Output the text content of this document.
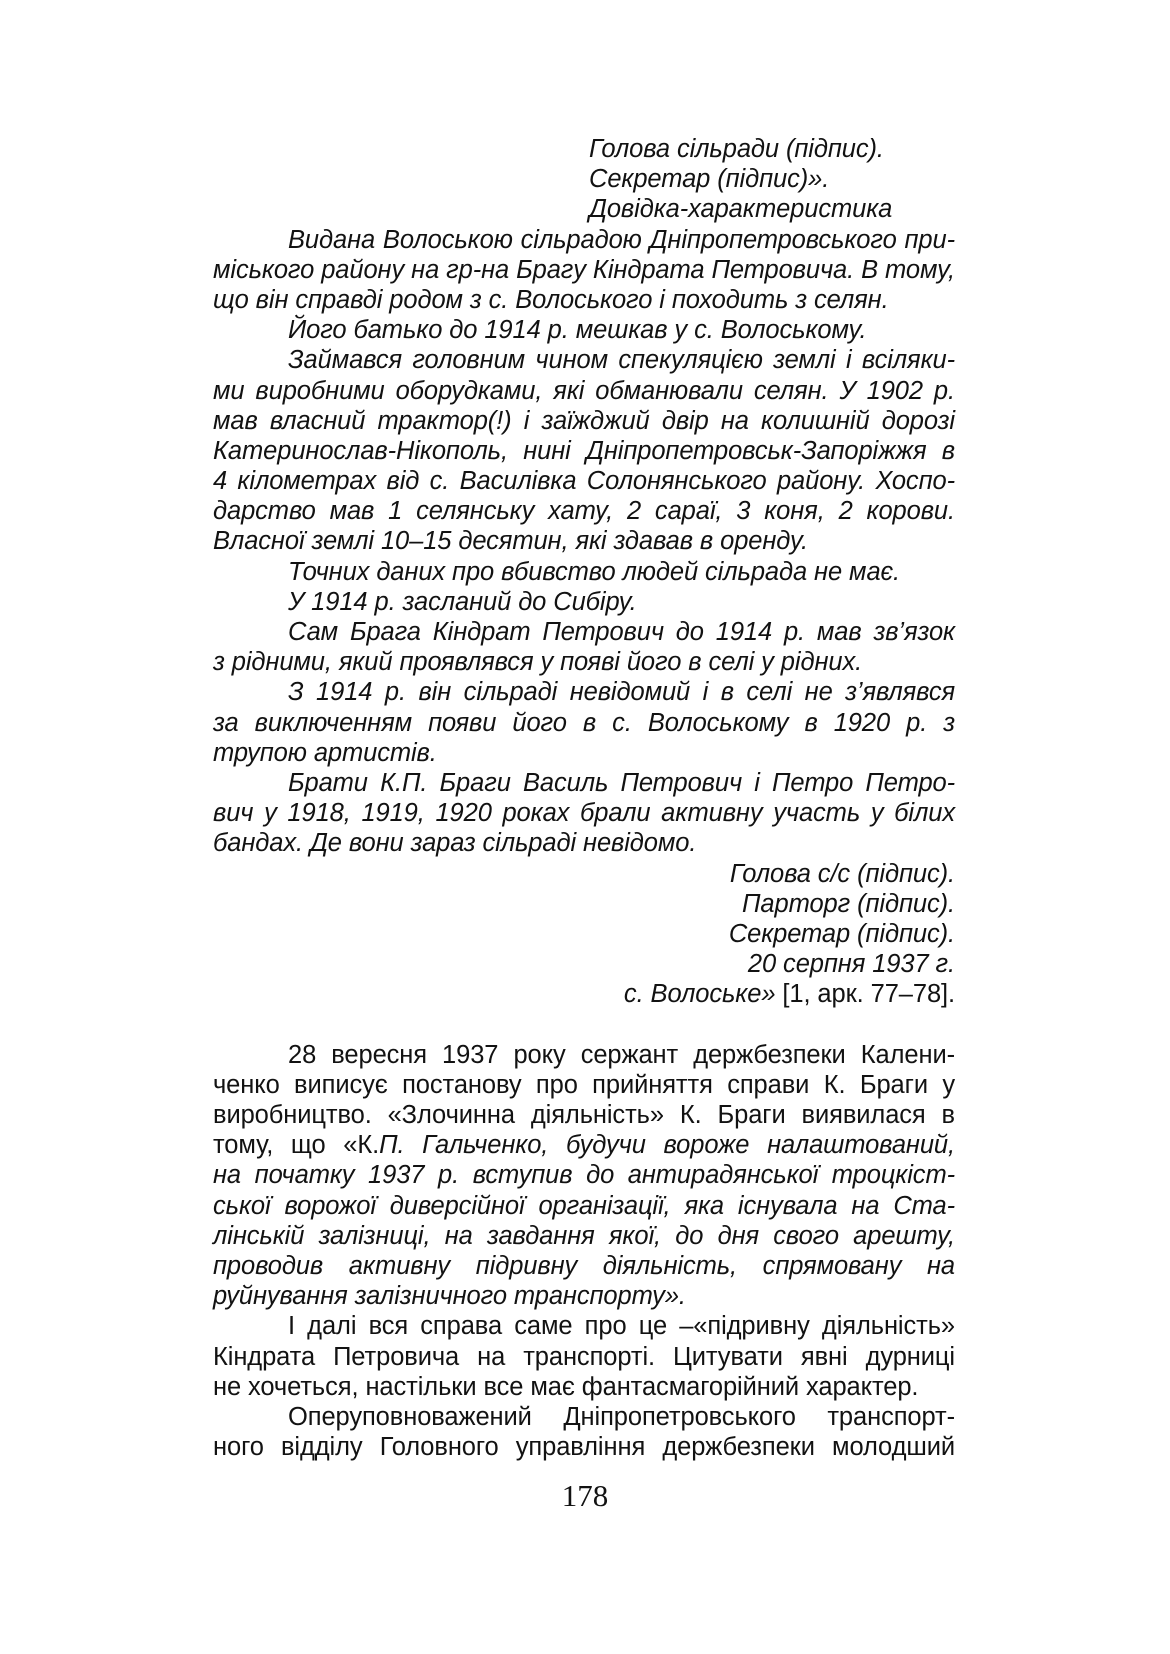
Голова сільради (підпис).
Секретар (підпис)».
Довідка-характеристика
Видана Волоською сільрадою Дніпропетровського при-
міського району на гр-на Брагу Кіндрата Петровича. В тому,
що він справді родом з с. Волоського і походить з селян.
Його батько до 1914 р. мешкав у с. Волоському.
Займався головним чином спекуляцією землі і всіляки-
ми виробними оборудками, які обманювали селян. У 1902 р.
мав власний трактор(!) і заїжджий двір на колишній дорозі
Катеринослав-Нікополь, нині Дніпропетровськ-Запоріжжя в
4 кілометрах від с. Василівка Солонянського району. Хоспо-
дарство мав 1 селянську хату, 2 сараї, 3 коня, 2 корови.
Власної землі 10–15 десятин, які здавав в оренду.
Точних даних про вбивство людей сільрада не має.
У 1914 р. засланий до Сибіру.
Сам Брага Кіндрат Петрович до 1914 р. мав зв’язок
з рідними, який проявлявся у появі його в селі у рідних.
З 1914 р. він сільраді невідомий і в селі не з’являвся
за виключенням появи його в с. Волоському в 1920 р. з
трупою артистів.
Брати К.П. Браги Василь Петрович і Петро Петро-
вич у 1918, 1919, 1920 роках брали активну участь у білих
бандах. Де вони зараз сільраді невідомо.
Голова с/с (підпис).
Парторг (підпис).
Секретар (підпис).
20 серпня 1937 г.
с. Волоське» [1, арк. 77–78].
28 вересня 1937 року сержант держбезпеки Калени-
ченко виписує постанову про прийняття справи К. Браги у
виробництво. «Злочинна діяльність» К. Браги виявилася в
тому, що «К.П. Гальченко, будучи вороже налаштований,
на початку 1937 р. вступив до антирадянської троцкіст-
ської ворожої диверсійної організації, яка існувала на Ста-
лінській залізниці, на завдання якої, до дня свого арешту,
проводив активну підривну діяльність, спрямовану на
руйнування залізничного транспорту».
І далі вся справа саме про це –«підривну діяльність»
Кіндрата Петровича на транспорті. Цитувати явні дурниці
не хочеться, настільки все має фантасмагорійний характер.
Оперуповноважений Дніпропетровського транспорт-
ного відділу Головного управління держбезпеки молодший
178
